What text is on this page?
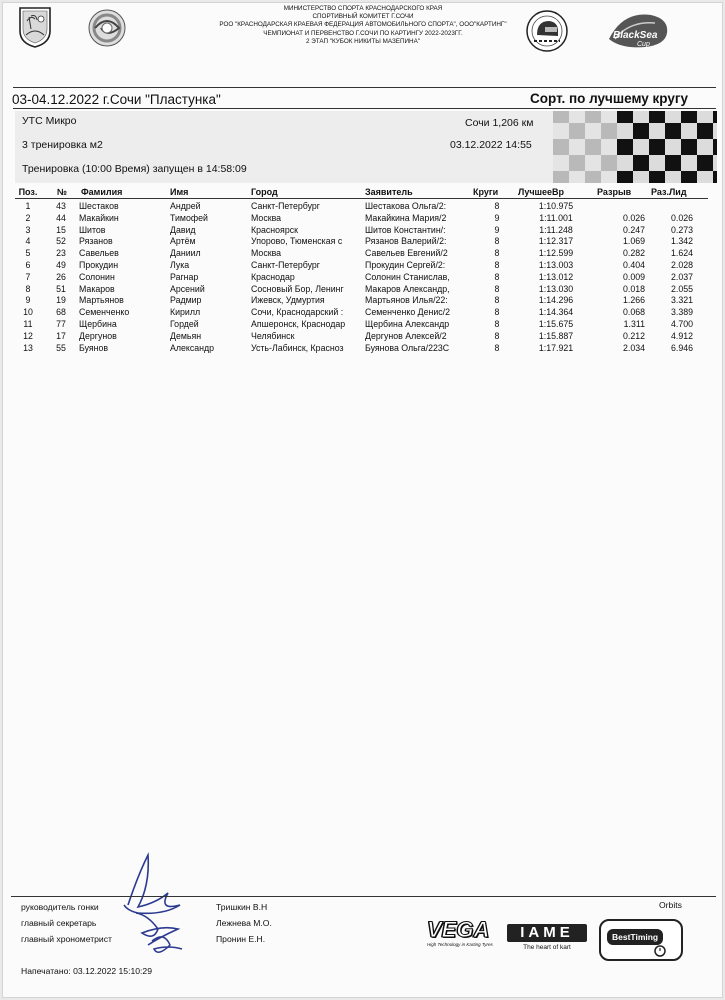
МИНИСТЕРСТВО СПОРТА КРАСНОДАРСКОГО КРАЯ
СПОРТИВНЫЙ КОМИТЕТ Г.СОЧИ
РОО "КРАСНОДАРСКАЯ КРАЕВАЯ ФЕДЕРАЦИЯ АВТОМОБИЛЬНОГО СПОРТА", ООО"КАРТИНГ"
ЧЕМПИОНАТ И ПЕРВЕНСТВО Г.СОЧИ ПО КАРТИНГУ 2022-2023ГГ.
2 ЭТАП "КУБОК НИКИТЫ МАЗЕПИНА"
BlackSea
Cup
03-04.12.2022 г.Сочи "Пластунка"	Сорт. по лучшему кругу
УТС Микро
3 тренировка м2
Тренировка (10:00 Время) запущен в 14:58:09
Сочи 1,206 км
03.12.2022 14:55
Поз.	№	Фамилия	Имя	Город	Заявитель	Круги	ЛучшееВр	Разрыв	Раз.Лид
1	43	Шестаков	Андрей	Санкт-Петербург	Шестакова Ольга/2:	8	1:10.975
2	44	Макайкин	Тимофей	Москва	Макайкина Мария/2	9	1:11.001	0.026	0.026
3	15	Шитов	Давид	Красноярск	Шитов Константин/:	9	1:11.248	0.247	0.273
4	52	Рязанов	Артём	Упорово, Тюменская с	Рязанов Валерий/2:	8	1:12.317	1.069	1.342
5	23	Савельев	Даниил	Москва	Савельев Евгений/2	8	1:12.599	0.282	1.624
6	49	Прокудин	Лука	Санкт-Петербург	Прокудин Сергей/2:	8	1:13.003	0.404	2.028
7	26	Солонин	Рагнар	Краснодар	Солонин Станислав,	8	1:13.012	0.009	2.037
8	51	Макаров	Арсений	Сосновый Бор, Ленинг	Макаров Александр,	8	1:13.030	0.018	2.055
9	19	Мартьянов	Радмир	Ижевск, Удмуртия	Мартьянов Илья/22:	8	1:14.296	1.266	3.321
10	68	Семенченко	Кирилл	Сочи, Краснодарский :	Семенченко Денис/2	8	1:14.364	0.068	3.389
11	77	Щербина	Гордей	Апшеронск, Краснодар	Щербина Александр	8	1:15.675	1.311	4.700
12	17	Дергунов	Демьян	Челябинск	Дергунов Алексей/2	8	1:15.887	0.212	4.912
13	55	Буянов	Александр	Усть-Лабинск, Красноз	Буянова Ольга/223С	8	1:17.921	2.034	6.946
руководитель гонки	Тришкин В.Н
главный секретарь	Лежнева М.О.
главный хронометрист	Пронин Е.Н.
Напечатано: 03.12.2022 15:10:29
Orbits
VEGA
High Technology in Karting Tyres
IAME
The heart of kart
BestTiming
